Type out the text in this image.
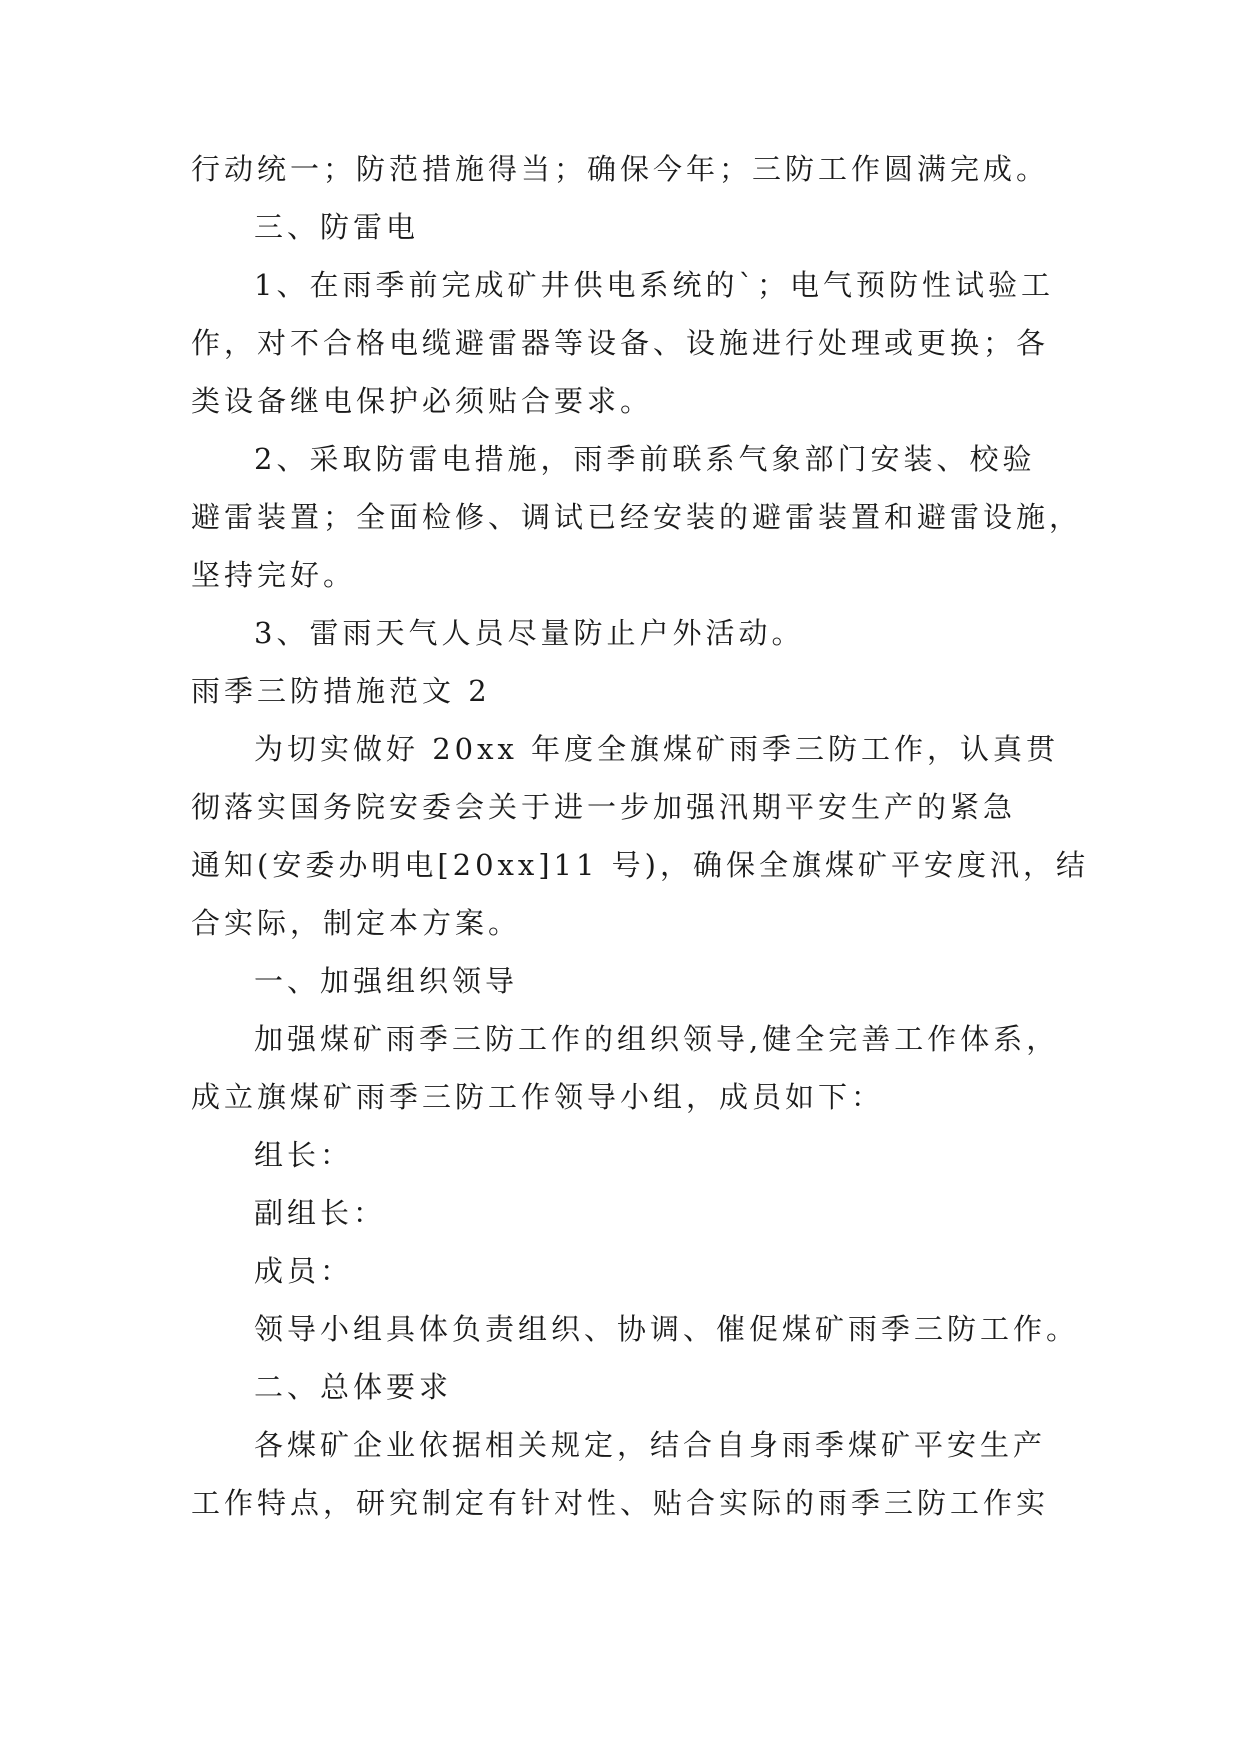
行动统一；防范措施得当；确保今年；三防工作圆满完成。
三、防雷电
1、在雨季前完成矿井供电系统的`；电气预防性试验工
作，对不合格电缆避雷器等设备、设施进行处理或更换；各
类设备继电保护必须贴合要求。
2、采取防雷电措施，雨季前联系气象部门安装、校验
避雷装置；全面检修、调试已经安装的避雷装置和避雷设施，
坚持完好。
3、雷雨天气人员尽量防止户外活动。
雨季三防措施范文 2
为切实做好 20xx 年度全旗煤矿雨季三防工作，认真贯
彻落实国务院安委会关于进一步加强汛期平安生产的紧急
通知(安委办明电[20xx]11 号)，确保全旗煤矿平安度汛，结
合实际，制定本方案。
一、加强组织领导
加强煤矿雨季三防工作的组织领导,健全完善工作体系，
成立旗煤矿雨季三防工作领导小组，成员如下：
组长：
副组长：
成员：
领导小组具体负责组织、协调、催促煤矿雨季三防工作。
二、总体要求
各煤矿企业依据相关规定，结合自身雨季煤矿平安生产
工作特点，研究制定有针对性、贴合实际的雨季三防工作实
